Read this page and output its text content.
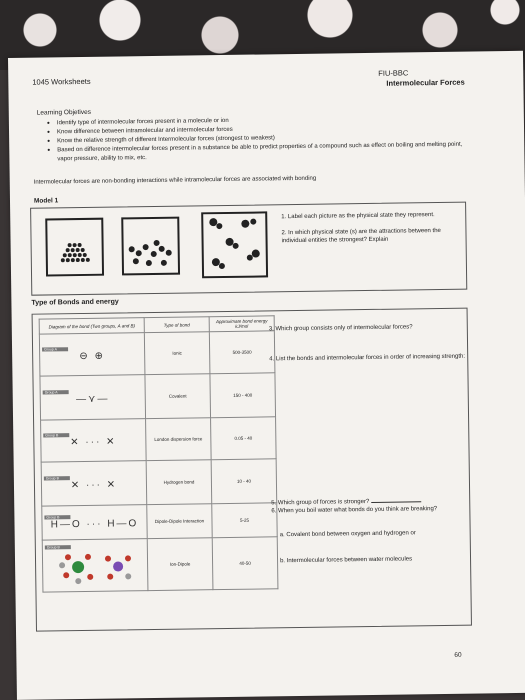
1045 Worksheets
FIU-BBC
Intermolecular Forces
Learning Objetives
• Identify type of intermolecular forces present in a molecule or ion
• Know difference between intramolecular and intermolecular forces
• Know the relative strength of different Intermolecular forces (strongest to weakest)
• Based on difference intermolecular forces present in a substance be able to predict properties of a compound such as effect on boiling and melting point, vapor pressure, ability to mix, etc.
Intermolecular forces are non-bonding interactions while intramolecular forces are associated with bonding
Model 1
1. Label each picture as the physical state they represent.
2. In which physical state (s) are the attractions between the individual entities the strongest? Explain
Type of Bonds and energy
Diagram of the bond (Two groups, A and B)	Type of bond	Approximate bond energy kJ/mol

Group A
⊖ ⊕	Ionic	500-3500

Group A
—⋎—	Covalent	150 - 400

Group B
✕ ··· ✕	London dispersion force	0.05 - 40

Group B
✕ ··· ✕	Hydrogen bond	10 - 40

Group B
H—O ··· H—O	Dipole-Dipole Interaction	5-25

Group B	Ion-Dipole	40-50
3. Which group consists only of intermolecular forces?
4. List the bonds and intermolecular forces in order of increasing strength:
5. Which group of forces is stronger?
6. When you boil water what bonds do you think are breaking?
a. Covalent bond between oxygen and hydrogen or
b. Intermolecular forces between water molecules
60
